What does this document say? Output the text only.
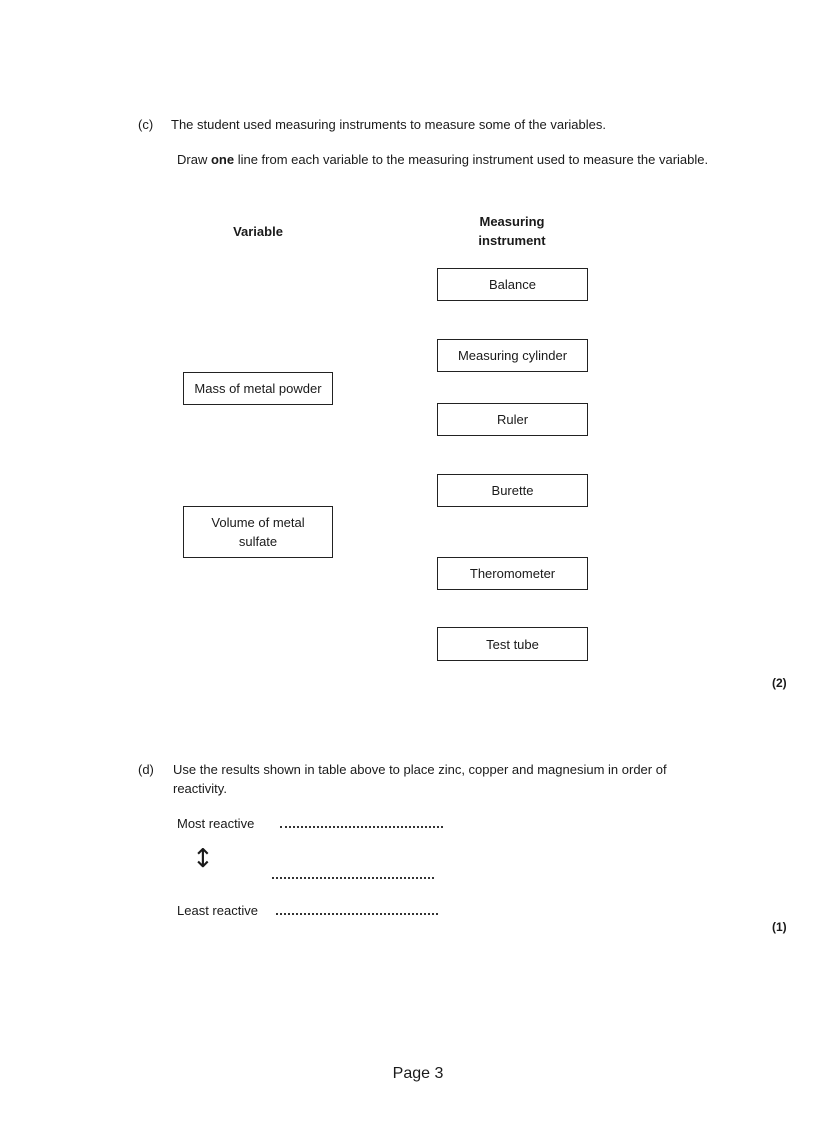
(c) The student used measuring instruments to measure some of the variables.
Draw one line from each variable to the measuring instrument used to measure the variable.
Variable
Measuring instrument
Mass of metal powder
Volume of metal sulfate
Balance
Measuring cylinder
Ruler
Burette
Theromometer
Test tube
(2)
(d) Use the results shown in table above to place zinc, copper and magnesium in order of reactivity.
Most reactive
↕
Least reactive
(1)
Page 3
